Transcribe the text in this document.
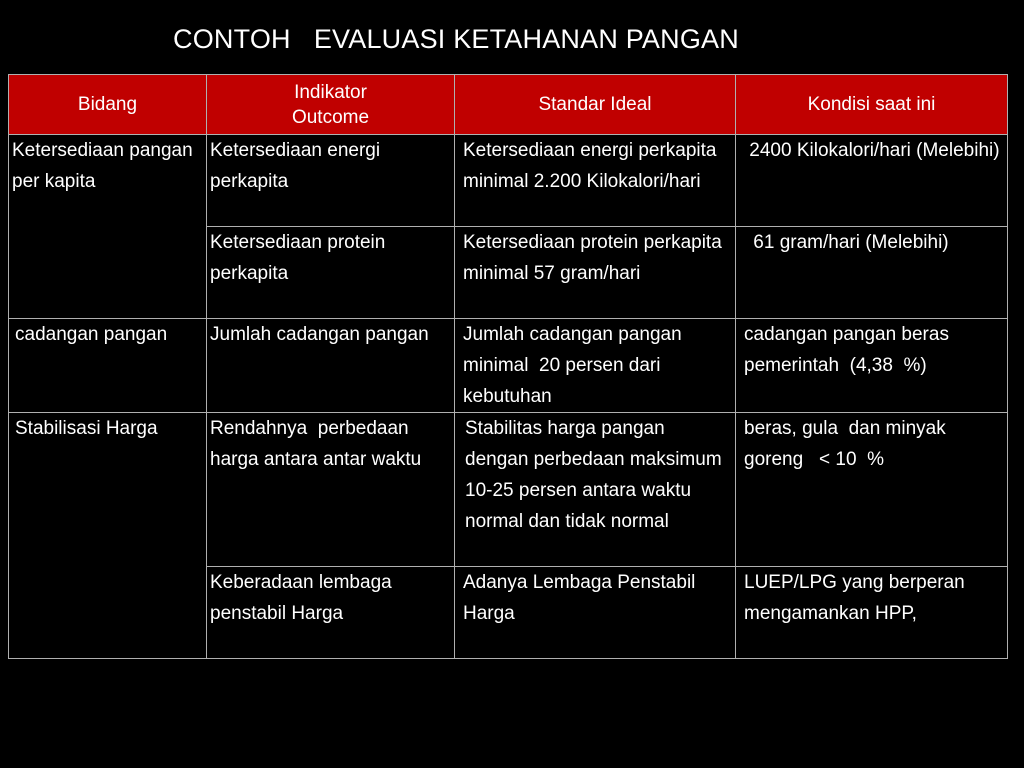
CONTOH   EVALUASI KETAHANAN PANGAN
Bidang	Indikator Outcome	Standar Ideal	Kondisi saat ini
Ketersediaan pangan per kapita	Ketersediaan energi perkapita	Ketersediaan energi perkapita minimal 2.200 Kilokalori/hari	2400 Kilokalori/hari (Melebihi)
	Ketersediaan protein perkapita	Ketersediaan protein perkapita minimal 57 gram/hari	61 gram/hari (Melebihi)
cadangan pangan	Jumlah cadangan pangan	Jumlah cadangan pangan minimal  20 persen dari kebutuhan	cadangan pangan beras pemerintah  (4,38  %)
Stabilisasi Harga	Rendahnya  perbedaan harga antara antar waktu	Stabilitas harga pangan dengan perbedaan maksimum 10-25 persen antara waktu normal dan tidak normal	beras, gula  dan minyak goreng   < 10  %
	Keberadaan lembaga penstabil Harga	Adanya Lembaga Penstabil Harga	LUEP/LPG yang berperan mengamankan HPP,
